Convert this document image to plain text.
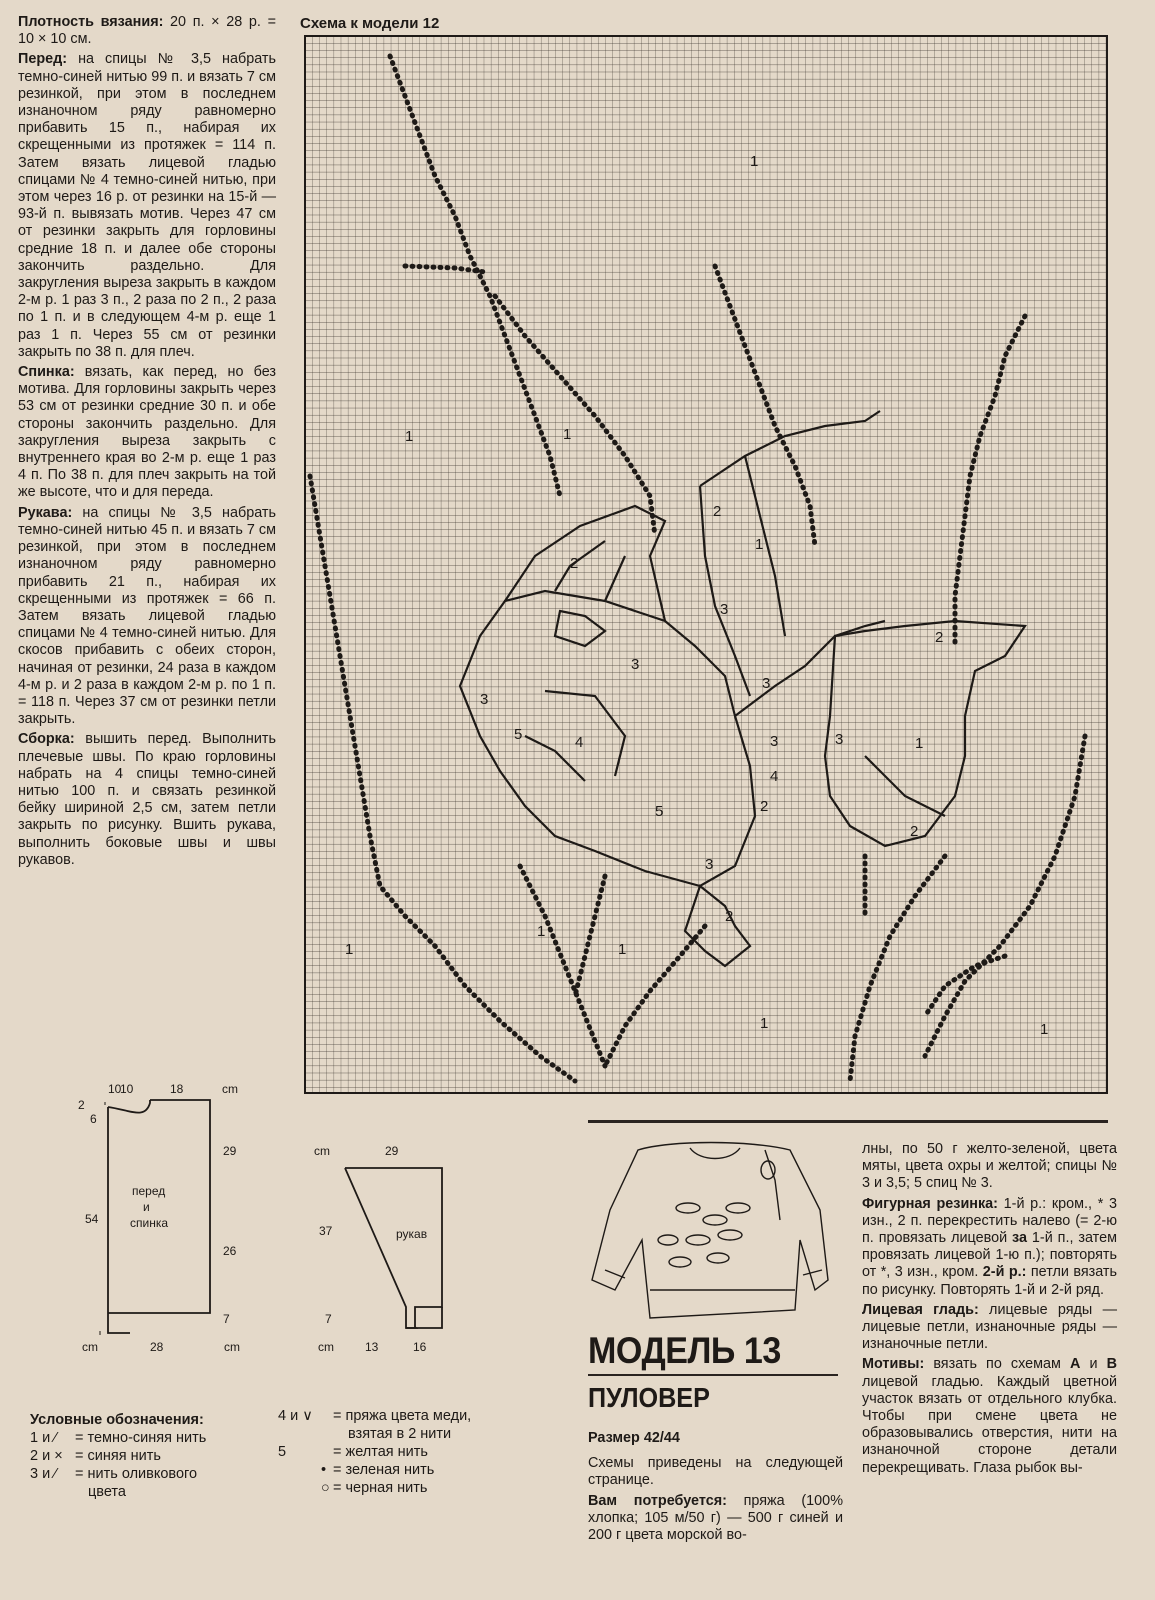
Плотность вязания: 20 п. × 28 р. = 10 × 10 см.

Перед: на спицы № 3,5 набрать темно-синей нитью 99 п. и вязать 7 см резинкой, при этом в последнем изнаночном ряду равномерно прибавить 15 п., набирая их скрещенными из протяжек = 114 п. Затем вязать лицевой гладью спицами № 4 темно-синей нитью, при этом через 16 р. от резинки на 15-й — 93-й п. вывязать мотив. Через 47 см от резинки закрыть для горловины средние 18 п. и далее обе стороны закончить раздельно. Для закругления выреза закрыть в каждом 2-м р. 1 раз 3 п., 2 раза по 2 п., 2 раза по 1 п. и в следующем 4-м р. еще 1 раз 1 п. Через 55 см от резинки закрыть по 38 п. для плеч.

Спинка: вязать, как перед, но без мотива. Для горловины закрыть через 53 см от резинки средние 30 п. и обе стороны закончить раздельно. Для закругления выреза закрыть с внутреннего края во 2-м р. еще 1 раз 4 п. По 38 п. для плеч закрыть на той же высоте, что и для переда.

Рукава: на спицы № 3,5 набрать темно-синей нитью 45 п. и вязать 7 см резинкой, при этом в последнем изнаночном ряду равномерно прибавить 21 п., набирая их скрещенными из протяжек = 66 п. Затем вязать лицевой гладью спицами № 4 темно-синей нитью. Для скосов прибавить с обеих сторон, начиная от резинки, 24 раза в каждом 4-м р. и 2 раза в каждом 2-м р. по 1 п. = 118 п. Через 37 см от резинки петли закрыть.

Сборка: вышить перед. Выполнить плечевые швы. По краю горловины набрать на 4 спицы темно-синей нитью 100 п. и связать резинкой бейку шириной 2,5 см, затем петли закрыть по рисунку. Вшить рукава, выполнить боковые швы и швы рукавов.

Схема к модели 12
1
1	1
1
1
1
1
1
1	1
2
2
2
2
2
2
3
3
3
3
3
3
3
4
4
5
5
10
10	18	cm
2
6
54
29
26
7
28
cm	cm
перед
и
спинка
cm	29
37
7
13	16
cm
рукав
Условные обозначения:
1 и ⁄ = темно-синяя нить
2 и × = синяя нить
3 и ⁄ = нить оливкового
цвета
4 и ∨ = пряжа цвета меди,
взятая в 2 нити
5	= желтая нить
• = зеленая нить
○ = черная нить
МОДЕЛЬ 13
ПУЛОВЕР

Размер 42/44

Схемы приведены на следующей странице.

Вам потребуется: пряжа (100% хлопка; 105 м/50 г) — 500 г синей и 200 г цвета морской во-

лны, по 50 г желто-зеленой, цвета мяты, цвета охры и желтой; спицы № 3 и 3,5; 5 спиц № 3.

Фигурная резинка: 1-й р.: кром., * 3 изн., 2 п. перекрестить налево (= 2-ю п. провязать лицевой за 1-й п., затем провязать лицевой 1-ю п.); повторять от *, 3 изн., кром. 2-й р.: петли вязать по рисунку. Повторять 1-й и 2-й ряд.

Лицевая гладь: лицевые ряды — лицевые петли, изнаночные ряды — изнаночные петли.

Мотивы: вязать по схемам А и В лицевой гладью. Каждый цветной участок вязать от отдельного клубка. Чтобы при смене цвета не образовывались отверстия, нити на изнаночной стороне детали перекрещивать. Глаза рыбок вы-
